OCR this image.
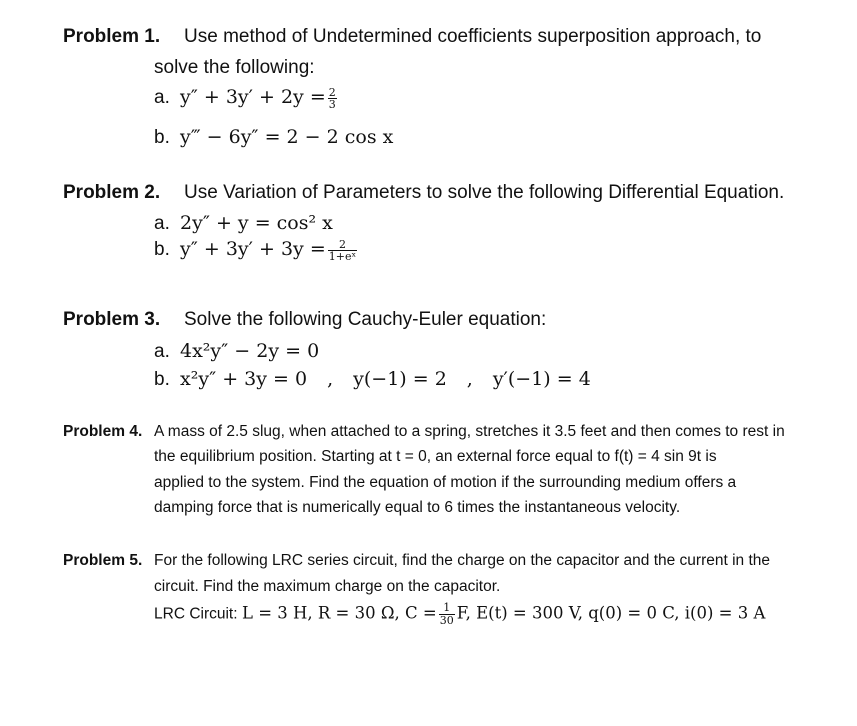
Problem 1. Use method of Undetermined coefficients superposition approach, to
solve the following:
a. $y'' + 3y' + 2y = \frac{2}{3}$
b. y‴ − 6y″ = 2 − 2 cos x
Problem 2. Use Variation of Parameters to solve the following Differential Equation.
a. 2y″ + y = cos² x
b. $y'' + 3y' + 3y = \frac{2}{\text{1+eˣ}}$
Problem 3. Solve the following Cauchy-Euler equation:
a. 4x²y″ − 2y = 0
b. x²y″ + 3y = 0 , y(−1) = 2 , y′(−1) = 4
Problem 4. A mass of 2.5 slug, when attached to a spring, stretches it 3.5 feet and then comes to rest in
the equilibrium position. Starting at t = 0, an external force equal to f(t) = 4 sin 9t is
applied to the system. Find the equation of motion if the surrounding medium offers a
damping force that is numerically equal to 6 times the instantaneous velocity.
Problem 5. For the following LRC series circuit, find the charge on the capacitor and the current in the
circuit. Find the maximum charge on the capacitor.
LRC Circuit: L = 3 H, R = 30 Ω, $C = \frac{1}{30} F$, E(t) = 300 V, q(0) = 0 C, i(0) = 3 A
